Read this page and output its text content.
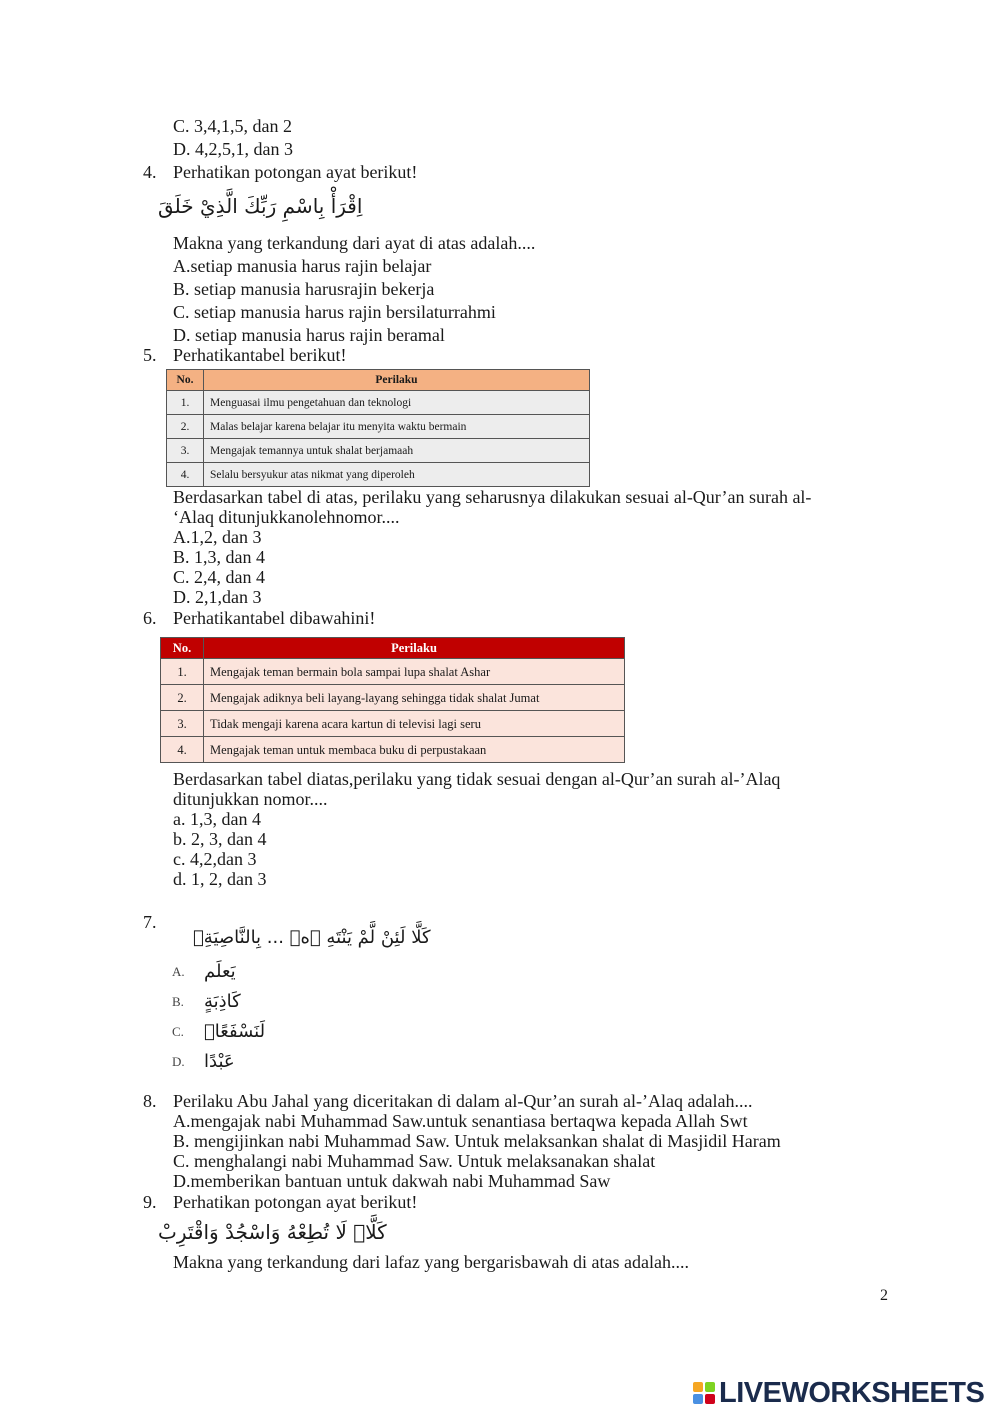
C. 3,4,1,5, dan 2
D. 4,2,5,1, dan 3
4. Perhatikan potongan ayat berikut!
اِقْرَأْ بِاسْمِ رَبِّكَ الَّذِيْ خَلَقَ
Makna yang terkandung dari ayat di atas adalah....
A.setiap manusia harus rajin belajar
B. setiap manusia harusrajin bekerja
C. setiap manusia harus rajin bersilaturrahmi
D. setiap manusia harus rajin beramal
5. Perhatikantabel berikut!
No.	Perilaku
1.	Menguasai ilmu pengetahuan dan teknologi
2.	Malas belajar karena belajar itu menyita waktu bermain
3.	Mengajak temannya untuk shalat berjamaah
4.	Selalu bersyukur atas nikmat yang diperoleh
Berdasarkan tabel di atas, perilaku yang seharusnya dilakukan sesuai al-Qur’an surah al-
‘Alaq ditunjukkanolehnomor....
A.1,2, dan 3
B. 1,3, dan 4
C. 2,4, dan 4
D. 2,1,dan 3
6. Perhatikantabel dibawahini!
No.	Perilaku
1.	Mengajak teman bermain bola sampai lupa shalat Ashar
2.	Mengajak adiknya beli layang-layang sehingga tidak shalat Jumat
3.	Tidak mengaji karena acara kartun di televisi lagi seru
4.	Mengajak teman untuk membaca buku di perpustakaan
Berdasarkan tabel diatas,perilaku yang tidak sesuai dengan al-Qur’an surah al-’Alaq
ditunjukkan nomor....
a. 1,3, dan 4
b. 2, 3, dan 4
c. 4,2,dan 3
d. 1, 2, dan 3
7.
كَلَّا لَئِنْ لَّمْ يَنْتَهِ ۙەۙ ... بِالنَّاصِيَةِۙ
A. يَعلَم
B. كَاذِبَةٍ
C. لَنَسْفَعًاۢ
D. عَبْدًا
8. Perilaku Abu Jahal yang diceritakan di dalam al-Qur’an surah al-’Alaq adalah....
A.mengajak nabi Muhammad Saw.untuk senantiasa bertaqwa kepada Allah Swt
B. mengijinkan nabi Muhammad Saw. Untuk melaksankan shalat di Masjidil Haram
C. menghalangi nabi Muhammad Saw. Untuk melaksanakan shalat
D.memberikan bantuan untuk dakwah nabi Muhammad Saw
9. Perhatikan potongan ayat berikut!
كَلَّاۗ لَا تُطِعْهُ وَاسْجُدْ وَاقْتَرِبْ
Makna yang terkandung dari lafaz yang bergarisbawah di atas adalah....
2
LIVEWORKSHEETS
